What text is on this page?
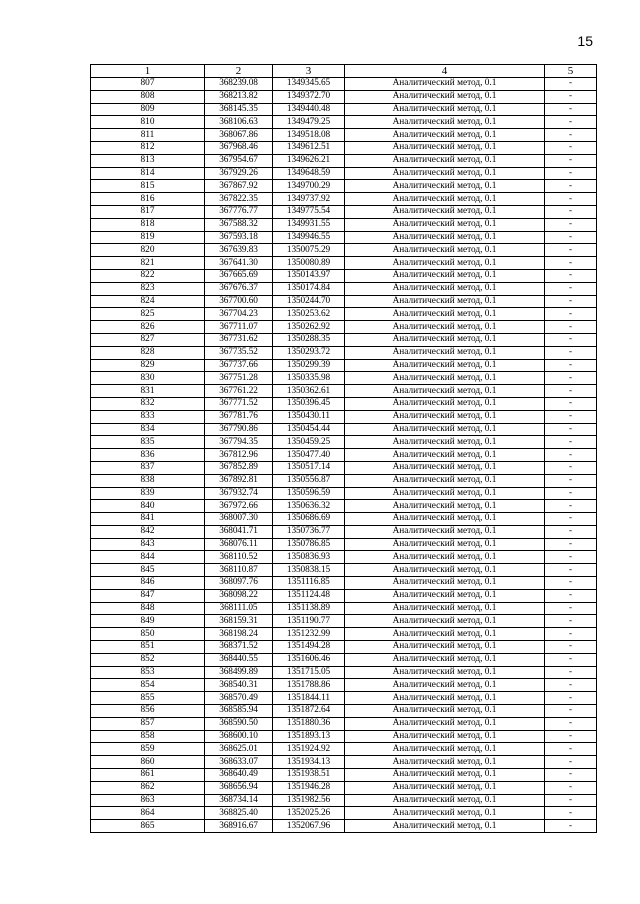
15
1	2	3	4	5
807	368239.08	1349345.65	Аналитический метод, 0.1	-
808	368213.82	1349372.70	Аналитический метод, 0.1	-
809	368145.35	1349440.48	Аналитический метод, 0.1	-
810	368106.63	1349479.25	Аналитический метод, 0.1	-
811	368067.86	1349518.08	Аналитический метод, 0.1	-
812	367968.46	1349612.51	Аналитический метод, 0.1	-
813	367954.67	1349626.21	Аналитический метод, 0.1	-
814	367929.26	1349648.59	Аналитический метод, 0.1	-
815	367867.92	1349700.29	Аналитический метод, 0.1	-
816	367822.35	1349737.92	Аналитический метод, 0.1	-
817	367776.77	1349775.54	Аналитический метод, 0.1	-
818	367588.32	1349931.55	Аналитический метод, 0.1	-
819	367593.18	1349946.55	Аналитический метод, 0.1	-
820	367639.83	1350075.29	Аналитический метод, 0.1	-
821	367641.30	1350080.89	Аналитический метод, 0.1	-
822	367665.69	1350143.97	Аналитический метод, 0.1	-
823	367676.37	1350174.84	Аналитический метод, 0.1	-
824	367700.60	1350244.70	Аналитический метод, 0.1	-
825	367704.23	1350253.62	Аналитический метод, 0.1	-
826	367711.07	1350262.92	Аналитический метод, 0.1	-
827	367731.62	1350288.35	Аналитический метод, 0.1	-
828	367735.52	1350293.72	Аналитический метод, 0.1	-
829	367737.66	1350299.39	Аналитический метод, 0.1	-
830	367751.28	1350335.98	Аналитический метод, 0.1	-
831	367761.22	1350362.61	Аналитический метод, 0.1	-
832	367771.52	1350396.45	Аналитический метод, 0.1	-
833	367781.76	1350430.11	Аналитический метод, 0.1	-
834	367790.86	1350454.44	Аналитический метод, 0.1	-
835	367794.35	1350459.25	Аналитический метод, 0.1	-
836	367812.96	1350477.40	Аналитический метод, 0.1	-
837	367852.89	1350517.14	Аналитический метод, 0.1	-
838	367892.81	1350556.87	Аналитический метод, 0.1	-
839	367932.74	1350596.59	Аналитический метод, 0.1	-
840	367972.66	1350636.32	Аналитический метод, 0.1	-
841	368007.30	1350686.69	Аналитический метод, 0.1	-
842	368041.71	1350736.77	Аналитический метод, 0.1	-
843	368076.11	1350786.85	Аналитический метод, 0.1	-
844	368110.52	1350836.93	Аналитический метод, 0.1	-
845	368110.87	1350838.15	Аналитический метод, 0.1	-
846	368097.76	1351116.85	Аналитический метод, 0.1	-
847	368098.22	1351124.48	Аналитический метод, 0.1	-
848	368111.05	1351138.89	Аналитический метод, 0.1	-
849	368159.31	1351190.77	Аналитический метод, 0.1	-
850	368198.24	1351232.99	Аналитический метод, 0.1	-
851	368371.52	1351494.28	Аналитический метод, 0.1	-
852	368440.55	1351606.46	Аналитический метод, 0.1	-
853	368499.89	1351715.05	Аналитический метод, 0.1	-
854	368540.31	1351788.86	Аналитический метод, 0.1	-
855	368570.49	1351844.11	Аналитический метод, 0.1	-
856	368585.94	1351872.64	Аналитический метод, 0.1	-
857	368590.50	1351880.36	Аналитический метод, 0.1	-
858	368600.10	1351893.13	Аналитический метод, 0.1	-
859	368625.01	1351924.92	Аналитический метод, 0.1	-
860	368633.07	1351934.13	Аналитический метод, 0.1	-
861	368640.49	1351938.51	Аналитический метод, 0.1	-
862	368656.94	1351946.28	Аналитический метод, 0.1	-
863	368734.14	1351982.56	Аналитический метод, 0.1	-
864	368825.40	1352025.26	Аналитический метод, 0.1	-
865	368916.67	1352067.96	Аналитический метод, 0.1	-
